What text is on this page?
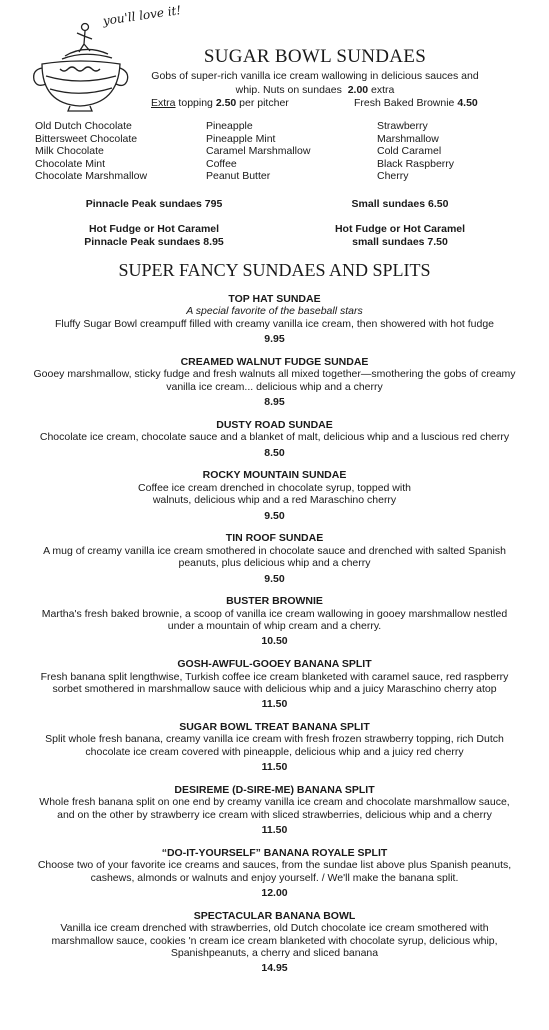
you'll love it!
SUGAR BOWL SUNDAES
Gobs of super-rich vanilla ice cream wallowing in delicious sauces and whip. Nuts on sundaes 2.00 extra
Extra topping 2.50 per pitcher	Fresh Baked Brownie 4.50
Old Dutch Chocolate
Bittersweet Chocolate
Milk Chocolate
Chocolate Mint
Chocolate Marshmallow
Pineapple
Pineapple Mint
Caramel Marshmallow
Coffee
Peanut Butter
Strawberry
Marshmallow
Cold Caramel
Black Raspberry
Cherry
Pinnacle Peak sundaes 795	Small sundaes 6.50
Hot Fudge or Hot Caramel
Pinnacle Peak sundaes 8.95
Hot Fudge or Hot Caramel
small sundaes 7.50
SUPER FANCY SUNDAES AND SPLITS
TOP HAT SUNDAE
A special favorite of the baseball stars
Fluffy Sugar Bowl creampuff filled with creamy vanilla ice cream, then showered with hot fudge
9.95
CREAMED WALNUT FUDGE SUNDAE
Gooey marshmallow, sticky fudge and fresh walnuts all mixed together—smothering the gobs of creamy vanilla ice cream... delicious whip and a cherry
8.95
DUSTY ROAD SUNDAE
Chocolate ice cream, chocolate sauce and a blanket of malt, delicious whip and a luscious red cherry
8.50
ROCKY MOUNTAIN SUNDAE
Coffee ice cream drenched in chocolate syrup, topped with walnuts, delicious whip and a red Maraschino cherry
9.50
TIN ROOF SUNDAE
A mug of creamy vanilla ice cream smothered in chocolate sauce and drenched with salted Spanish peanuts, plus delicious whip and a cherry
9.50
BUSTER BROWNIE
Martha's fresh baked brownie, a scoop of vanilla ice cream wallowing in gooey marshmallow nestled under a mountain of whip cream and a cherry.
10.50
GOSH-AWFUL-GOOEY BANANA SPLIT
Fresh banana split lengthwise, Turkish coffee ice cream blanketed with caramel sauce, red raspberry sorbet smothered in marshmallow sauce with delicious whip and a juicy Maraschino cherry atop
11.50
SUGAR BOWL TREAT BANANA SPLIT
Split whole fresh banana, creamy vanilla ice cream with fresh frozen strawberry topping, rich Dutch chocolate ice cream covered with pineapple, delicious whip and a juicy red cherry
11.50
DESIREME (D-SIRE-ME) BANANA SPLIT
Whole fresh banana split on one end by creamy vanilla ice cream and chocolate marshmallow sauce, and on the other by strawberry ice cream with sliced strawberries, delicious whip and a cherry
11.50
“DO-IT-YOURSELF” BANANA ROYALE SPLIT
Choose two of your favorite ice creams and sauces, from the sundae list above plus Spanish peanuts, cashews, almonds or walnuts and enjoy yourself. / We'll make the banana split.
12.00
SPECTACULAR BANANA BOWL
Vanilla ice cream drenched with strawberries, old Dutch chocolate ice cream smothered with marshmallow sauce, cookies 'n cream ice cream blanketed with chocolate syrup, delicious whip, Spanishpeanuts, a cherry and sliced banana
14.95
